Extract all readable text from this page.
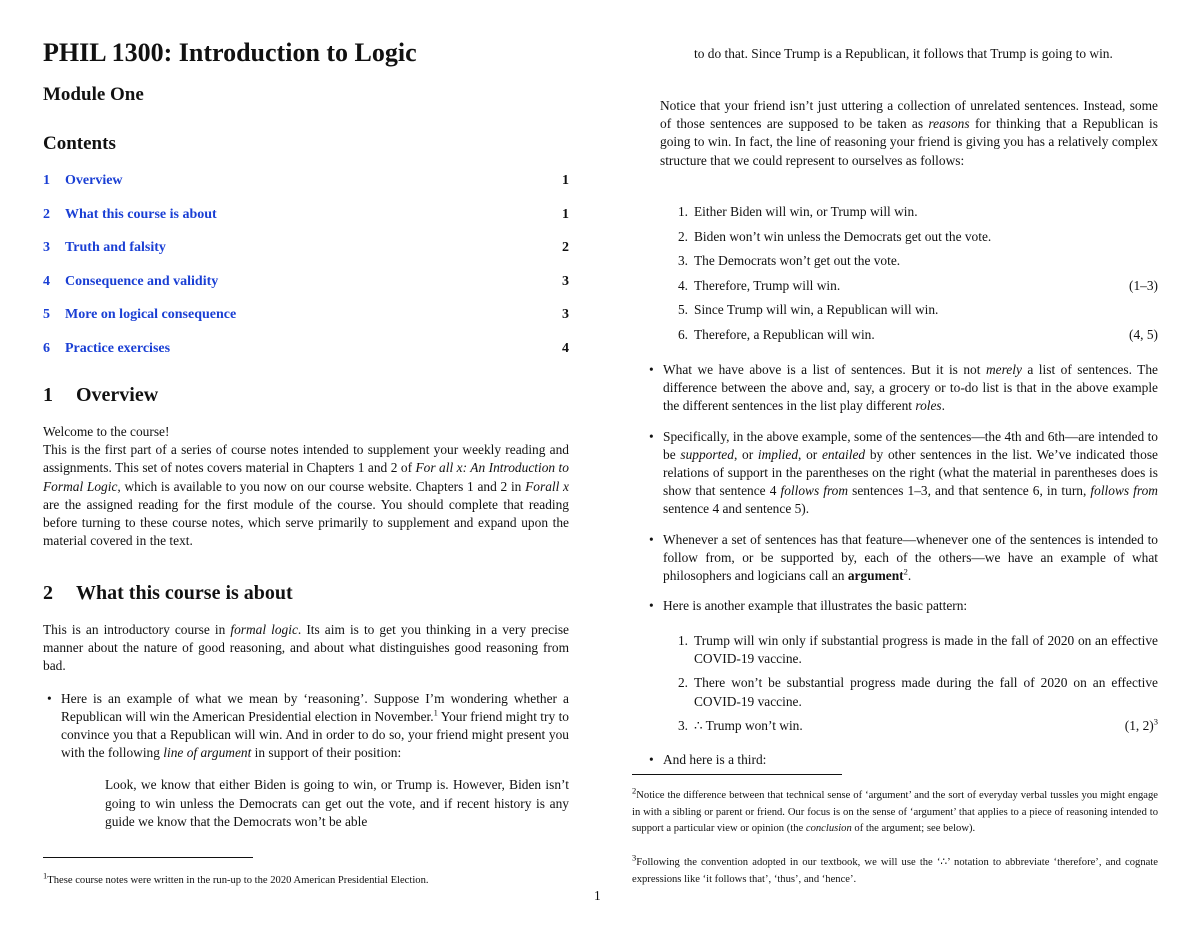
PHIL 1300: Introduction to Logic
Module One
Contents
1	Overview	1
2	What this course is about	1
3	Truth and falsity	2
4	Consequence and validity	3
5	More on logical consequence	3
6	Practice exercises	4
1	Overview

Welcome to the course!

This is the first part of a series of course notes intended to supplement your weekly reading and assignments. This set of notes covers material in Chapters 1 and 2 of For all x: An Introduction to Formal Logic, which is available to you now on our course website. Chapters 1 and 2 in Forall x are the assigned reading for the first module of the course. You should complete that reading before turning to these course notes, which serve primarily to supplement and expand upon the material covered in the text.

2	What this course is about

This is an introductory course in formal logic. Its aim is to get you thinking in a very precise manner about the nature of good reasoning, and about what distinguishes good reasoning from bad.

• Here is an example of what we mean by ‘reasoning’. Suppose I’m wondering whether a Republican will win the American Presidential election in November.$^1$ Your friend might try to convince you that a Republican will win. And in order to do so, your friend might present you with the following line of argument in support of their position:
Look, we know that either Biden is going to win, or Trump is. However, Biden isn’t going to win unless the Democrats can get out the vote, and if recent history is any guide we know that the Democrats won’t be able
$^1$These course notes were written in the run-up to the 2020 American Presidential Election.
to do that. Since Trump is a Republican, it follows that Trump is going to win.

Notice that your friend isn’t just uttering a collection of unrelated sentences. Instead, some of those sentences are supposed to be taken as reasons for thinking that a Republican is going to win. In fact, the line of reasoning your friend is giving you has a relatively complex structure that we could represent to ourselves as follows:

1. Either Biden will win, or Trump will win.
2. Biden won’t win unless the Democrats get out the vote.
3. The Democrats won’t get out the vote.
4. Therefore, Trump will win.	(1–3)
5. Since Trump will win, a Republican will win.
6. Therefore, a Republican will win.	(4, 5)
• What we have above is a list of sentences. But it is not merely a list of sentences. The difference between the above and, say, a grocery or to-do list is that in the above example the different sentences in the list play different roles.
• Specifically, in the above example, some of the sentences—the 4th and 6th—are intended to be supported, or implied, or entailed by other sentences in the list. We’ve indicated those relations of support in the parentheses on the right (what the material in parentheses does is show that sentence 4 follows from sentences 1–3, and that sentence 6, in turn, follows from sentence 4 and sentence 5).
• Whenever a set of sentences has that feature—whenever one of the sentences is intended to follow from, or be supported by, each of the others—we have an example of what philosophers and logicians call an argument$^2$.
• Here is another example that illustrates the basic pattern:
1. Trump will win only if substantial progress is made in the fall of 2020 on an effective COVID-19 vaccine.
2. There won’t be substantial progress made during the fall of 2020 on an effective COVID-19 vaccine.
3. ∴ Trump won’t win.	(1, 2)$^3$
• And here is a third:
$^2$Notice the difference between that technical sense of ‘argument’ and the sort of everyday verbal tussles you might engage in with a sibling or parent or friend. Our focus is on the sense of ‘argument’ that applies to a piece of reasoning intended to support a particular view or opinion (the conclusion of the argument; see below).
$^3$Following the convention adopted in our textbook, we will use the ‘∴’ notation to abbreviate ‘therefore’, and cognate expressions like ‘it follows that’, ‘thus’, and ‘hence’.
1
